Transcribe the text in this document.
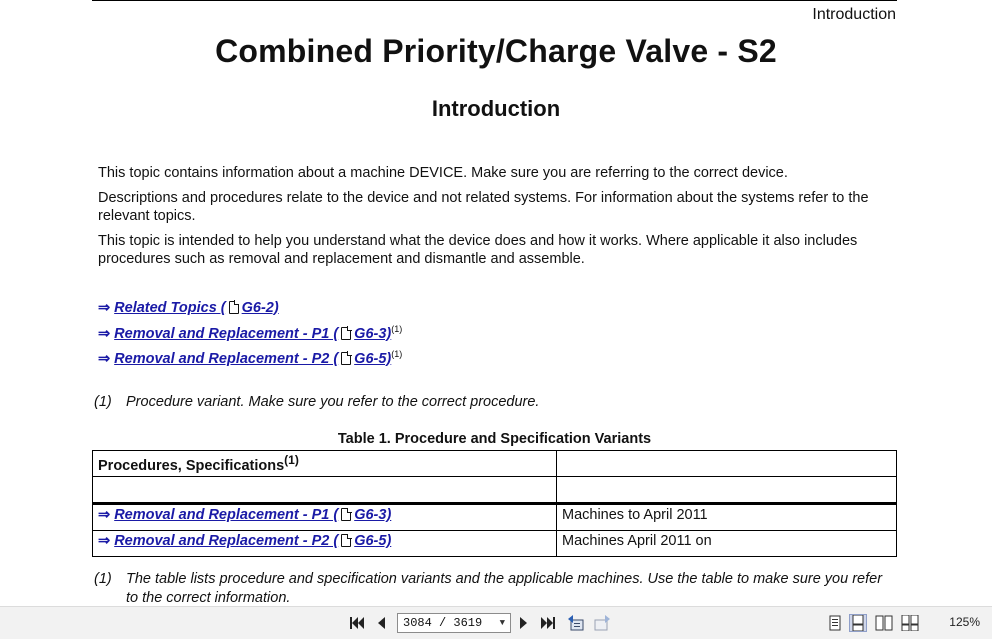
Introduction
Combined Priority/Charge Valve - S2
Introduction
This topic contains information about a machine DEVICE. Make sure you are referring to the correct device.
Descriptions and procedures relate to the device and not related systems. For information about the systems refer to the relevant topics.
This topic is intended to help you understand what the device does and how it works. Where applicable it also includes procedures such as removal and replacement and dismantle and assemble.
⇒ Related Topics ( G6-2)
⇒ Removal and Replacement - P1 ( G6-3)$^{(1)}$
⇒ Removal and Replacement - P2 ( G6-5)$^{(1)}$
(1) Procedure variant. Make sure you refer to the correct procedure.
Table 1. Procedure and Specification Variants
Procedures, Specifications$^{(1)}$	

⇒ Removal and Replacement - P1 ( G6-3)	Machines to April 2011
⇒ Removal and Replacement - P2 ( G6-5)	Machines April 2011 on
(1) The table lists procedure and specification variants and the applicable machines. Use the table to make sure you refer to the correct information.
3084 / 3619 ▼	125%
